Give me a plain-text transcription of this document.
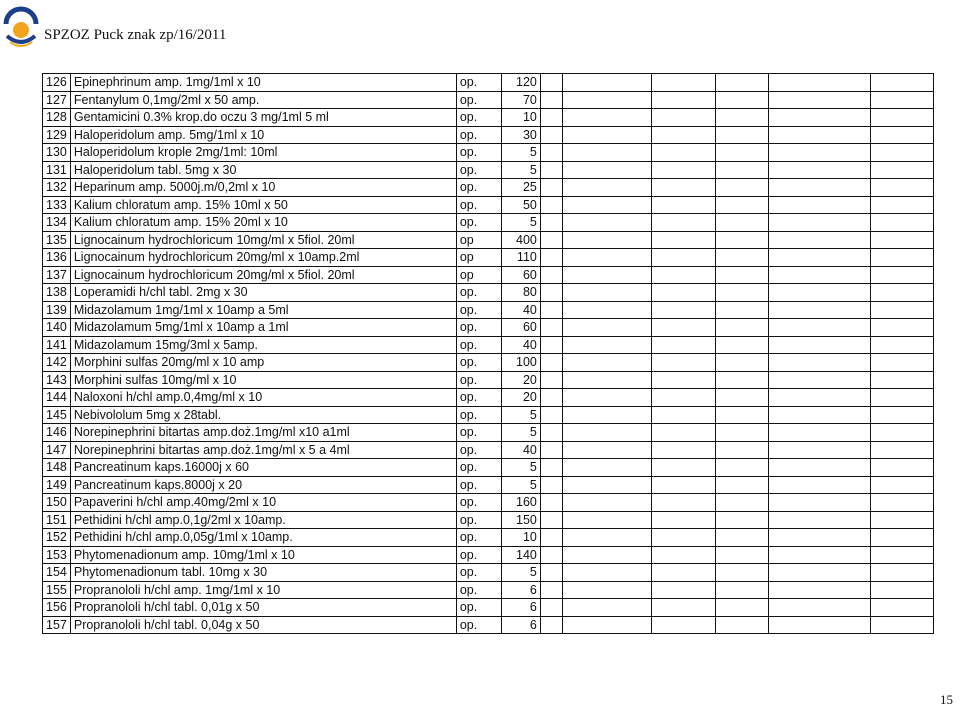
SPZOZ Puck znak zp/16/2011
126	Epinephrinum amp. 1mg/1ml x 10	op.	120						
127	Fentanylum 0,1mg/2ml x 50 amp.	op.	70						
128	Gentamicini 0.3% krop.do oczu 3 mg/1ml 5 ml	op.	10						
129	Haloperidolum amp. 5mg/1ml x 10	op.	30						
130	Haloperidolum krople 2mg/1ml: 10ml	op.	5						
131	Haloperidolum tabl. 5mg x 30	op.	5						
132	Heparinum amp. 5000j.m/0,2ml x 10	op.	25						
133	Kalium chloratum amp. 15% 10ml x 50	op.	50						
134	Kalium chloratum amp. 15% 20ml x 10	op.	5						
135	Lignocainum hydrochloricum 10mg/ml x 5fiol. 20ml	op	400						
136	Lignocainum hydrochloricum 20mg/ml x 10amp.2ml	op	110						
137	Lignocainum hydrochloricum 20mg/ml x 5fiol. 20ml	op	60						
138	Loperamidi h/chl tabl. 2mg x 30	op.	80						
139	Midazolamum 1mg/1ml x 10amp a 5ml	op.	40						
140	Midazolamum 5mg/1ml x 10amp a 1ml	op.	60						
141	Midazolamum 15mg/3ml x 5amp.	op.	40						
142	Morphini sulfas 20mg/ml x 10 amp	op.	100						
143	Morphini sulfas 10mg/ml x 10	op.	20						
144	Naloxoni h/chl amp.0,4mg/ml x 10	op.	20						
145	Nebivololum 5mg x 28tabl.	op.	5						
146	Norepinephrini bitartas amp.doż.1mg/ml x10 a1ml	op.	5						
147	Norepinephrini bitartas amp.doż.1mg/ml x 5 a 4ml	op.	40						
148	Pancreatinum kaps.16000j x 60	op.	5						
149	Pancreatinum kaps.8000j x 20	op.	5						
150	Papaverini h/chl amp.40mg/2ml x 10	op.	160						
151	Pethidini h/chl amp.0,1g/2ml x 10amp.	op.	150						
152	Pethidini h/chl amp.0,05g/1ml x 10amp.	op.	10						
153	Phytomenadionum amp. 10mg/1ml x 10	op.	140						
154	Phytomenadionum tabl. 10mg x 30	op.	5						
155	Propranololi h/chl amp. 1mg/1ml x 10	op.	6						
156	Propranololi h/chl tabl. 0,01g x 50	op.	6						
157	Propranololi h/chl tabl. 0,04g x 50	op.	6						
15
